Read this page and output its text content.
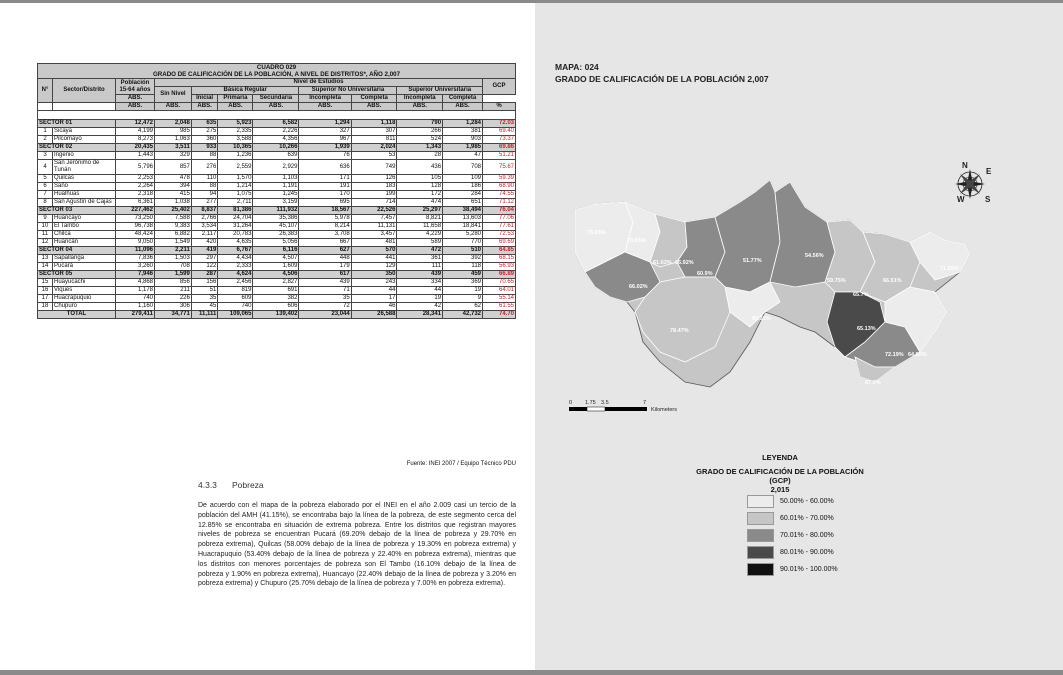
CUADRO 029
GRADO DE CALIFICACIÓN DE LA POBLACIÓN, A NIVEL DE DISTRITOS*, AÑO 2,007											

N°	Sector/Distrito	Población 15-64 años	Nivel de Estudios								GCP
			Sin Nivel	Básica Regular			Superior No Universitaria		Superior Universitaria		
		ABS.		Inicial	Primaria	Secundaria	Incompleta	Completa	Incompleta	Completa	
		ABS.	ABS.	ABS.	ABS.	ABS.	ABS.	ABS.	ABS.	ABS.	%

SECTOR 01		12,472	2,048	635	5,923	6,582	1,294	1,118	790	1,284	72.03
1	Sicaya	4,199	985	275	2,335	2,226	327	307	266	381	69.40
2	Pilcomayo	8,273	1,063	360	3,588	4,356	967	811	524	903	73.37
SECTOR 02		20,435	3,511	933	10,365	10,266	1,939	2,024	1,343	1,985	69.86
3	Ingenio	1,443	329	88	1,236	639	76	53	28	47	51.21
4	San Jerónimo de Tunán	5,796	857	276	2,559	2,929	636	749	436	708	75.67
5	Quilcas	2,253	478	110	1,570	1,103	171	126	105	109	59.39
6	Saño	2,264	394	88	1,214	1,191	191	183	128	186	68.90
7	Hualhuas	2,318	415	94	1,075	1,245	170	199	172	284	74.55
8	San Agustín de Cajas	6,361	1,038	277	2,711	3,159	695	714	474	651	71.12
SECTOR 03		227,462	25,402	8,837	81,386	111,932	18,567	22,526	25,297	38,494	76.04
9	Huancayo	73,250	7,588	2,766	24,704	35,386	5,978	7,457	8,821	13,603	77.06
10	El Tambo	96,738	9,383	3,534	31,264	45,107	8,214	11,131	11,658	18,841	77.61
11	Chilca	48,424	6,882	2,117	20,783	26,383	3,708	3,457	4,229	5,280	72.53
12	Huancán	9,050	1,549	420	4,635	5,056	667	481	589	770	69.69
SECTOR 04		11,096	2,211	419	6,767	6,116	627	570	472	510	64.85
13	Sapallanga	7,836	1,503	297	4,434	4,507	448	441	361	392	68.15
14	Pucará	3,260	708	122	2,333	1,609	179	129	111	118	56.93
SECTOR 05		7,946	1,599	287	4,624	4,506	617	350	439	459	66.89
15	Huayucachi	4,868	856	156	2,456	2,827	439	243	334	369	70.65
16	Viques	1,178	211	51	819	691	71	44	44	19	64.01
17	Huacrapuquio	740	226	35	609	382	35	17	19	9	55.14
18	Chupuro	1,160	306	45	740	606	72	46	42	62	61.55
TOTAL		279,411	34,771	11,111	109,065	139,402	23,044	26,588	28,341	42,732	74.70
Fuente: INEI 2007 / Equipo Técnico PDU
4.3.3 Pobreza
De acuerdo con el mapa de la pobreza elaborado por el INEI en el año 2.009 casi un tercio de la población del AMH (41.15%), se encontraba bajo la línea de la pobreza, de este segmento cerca del 12.85% se encontraba en situación de extrema pobreza. Entre los distritos que registran mayores niveles de pobreza se encuentran Pucará (69.20% debajo de la línea de pobreza y 29.70% en pobreza extrema), Quilcas (58.00% debajo de la línea de pobreza y 19.30% en pobreza extrema) y Huacrapuquio (53.40% debajo de la línea de pobreza y 22.40% en pobreza extrema), mientras que los distritos con menores porcentajes de pobreza son El Tambo (16.10% debajo de la línea de pobreza y 1.90% en pobreza extrema), Huancayo (22.40% debajo de la línea de pobreza y 3.20% en pobreza extrema) y Chupuro (25.70% debajo de la línea de pobreza y 7.00% en pobreza extrema).
MAPA: 024
GRADO DE CALIFICACIÓN DE LA POBLACIÓN 2,007
N
E
S
W
75.93%
70.65%
61.03% 66.92%
60.9%
51.77%
54.56%
59.75%	66.51%
71.65%
66.02%
65.7%
60.35%
78.47%	65.13%
72.19% 64.85%
67.3%
0 1.75 3.5	7
Kilometers
LEYENDA
GRADO DE CALIFICACIÓN DE LA POBLACIÓN (GCP)
2,015
50.00% - 60.00%
60.01% - 70.00%
70.01% - 80.00%
80.01% - 90.00%
90.01% - 100.00%
